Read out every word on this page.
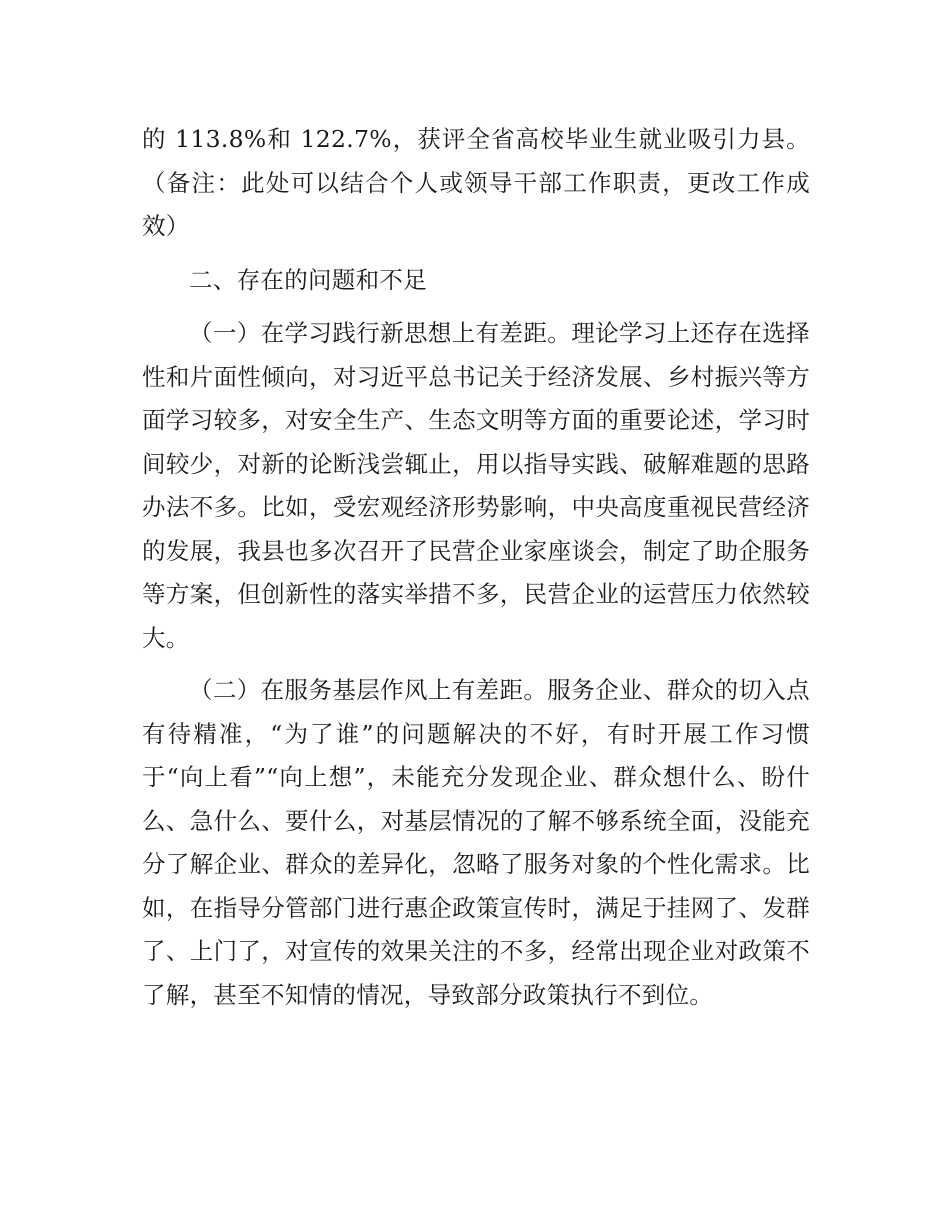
的 113.8%和 122.7%，获评全省高校毕业生就业吸引力县。（备注：此处可以结合个人或领导干部工作职责，更改工作成效）

二、存在的问题和不足

（一）在学习践行新思想上有差距。理论学习上还存在选择性和片面性倾向，对习近平总书记关于经济发展、乡村振兴等方面学习较多，对安全生产、生态文明等方面的重要论述，学习时间较少，对新的论断浅尝辄止，用以指导实践、破解难题的思路办法不多。比如，受宏观经济形势影响，中央高度重视民营经济的发展，我县也多次召开了民营企业家座谈会，制定了助企服务等方案，但创新性的落实举措不多，民营企业的运营压力依然较大。

（二）在服务基层作风上有差距。服务企业、群众的切入点有待精准，“为了谁”的问题解决的不好，有时开展工作习惯于“向上看”“向上想”，未能充分发现企业、群众想什么、盼什么、急什么、要什么，对基层情况的了解不够系统全面，没能充分了解企业、群众的差异化，忽略了服务对象的个性化需求。比如，在指导分管部门进行惠企政策宣传时，满足于挂网了、发群了、上门了，对宣传的效果关注的不多，经常出现企业对政策不了解，甚至不知情的情况，导致部分政策执行不到位。
